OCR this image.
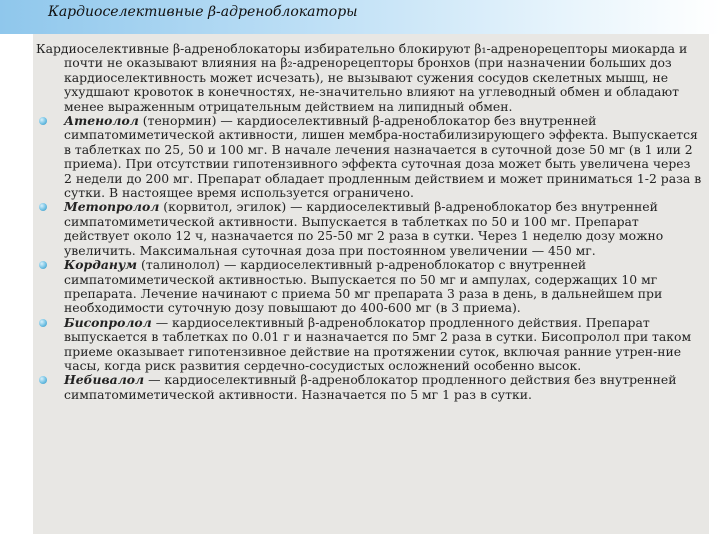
Кардиоселективные β-адреноблокаторы

Кардиоселективные β-адреноблокаторы избирательно блокируют β₁-адренорецепторы миокарда и почти не оказывают влияния на β₂-адренорецепторы бронхов (при назначении больших доз кардиоселективность может исчезать), не вызывают сужения сосудов скелетных мышц, не ухудшают кровоток в конечностях, не-значительно влияют на углеводный обмен и обладают менее выраженным отрицательным действием на липидный обмен.

Атенолол (тенормин) — кардиоселективный β-адреноблокатор без внутренней симпатомиметической активности, лишен мембра-ностабилизирующего эффекта. Выпускается в таблетках по 25, 50 и 100 мг. В начале лечения назначается в суточной дозе 50 мг (в 1 или 2 приема). При отсутствии гипотензивного эффекта суточная доза может быть увеличена через 2 недели до 200 мг. Препарат обладает продленным действием и может приниматься 1-2 раза в сутки. В настоящее время используется ограничено.
Метопролол (корвитол, эгилок) — кардиоселективый β-адреноблокатор без внутренней симпатомиметической активности. Выпускается в таблетках по 50 и 100 мг. Препарат действует около 12 ч, назначается по 25-50 мг 2 раза в сутки. Через 1 неделю дозу можно увеличить. Максимальная суточная доза при постоянном увеличении — 450 мг.
Корданум (талинолол) — кардиоселективный р-адреноблокатор с внутренней симпатомиметической активностью. Выпускается по 50 мг и ампулах, содержащих 10 мг препарата. Лечение начинают с приема 50 мг препарата 3 раза в день, в дальнейшем при необходимости суточную дозу повышают до 400-600 мг (в 3 приема).
Бисопролол — кардиоселективный β-адреноблокатор продленного действия. Препарат выпускается в таблетках по 0.01 г и назначается по 5мг 2 раза в сутки. Бисопролол при таком приеме оказывает гипотензивное действие на протяжении суток, включая ранние утрен-ние часы, когда риск развития сердечно-сосудистых осложнений особенно высок.
Небивалол — кардиоселективный β-адреноблокатор продленного действия без внутренней симпатомиметической активности. Назначается по 5 мг 1 раз в сутки.
